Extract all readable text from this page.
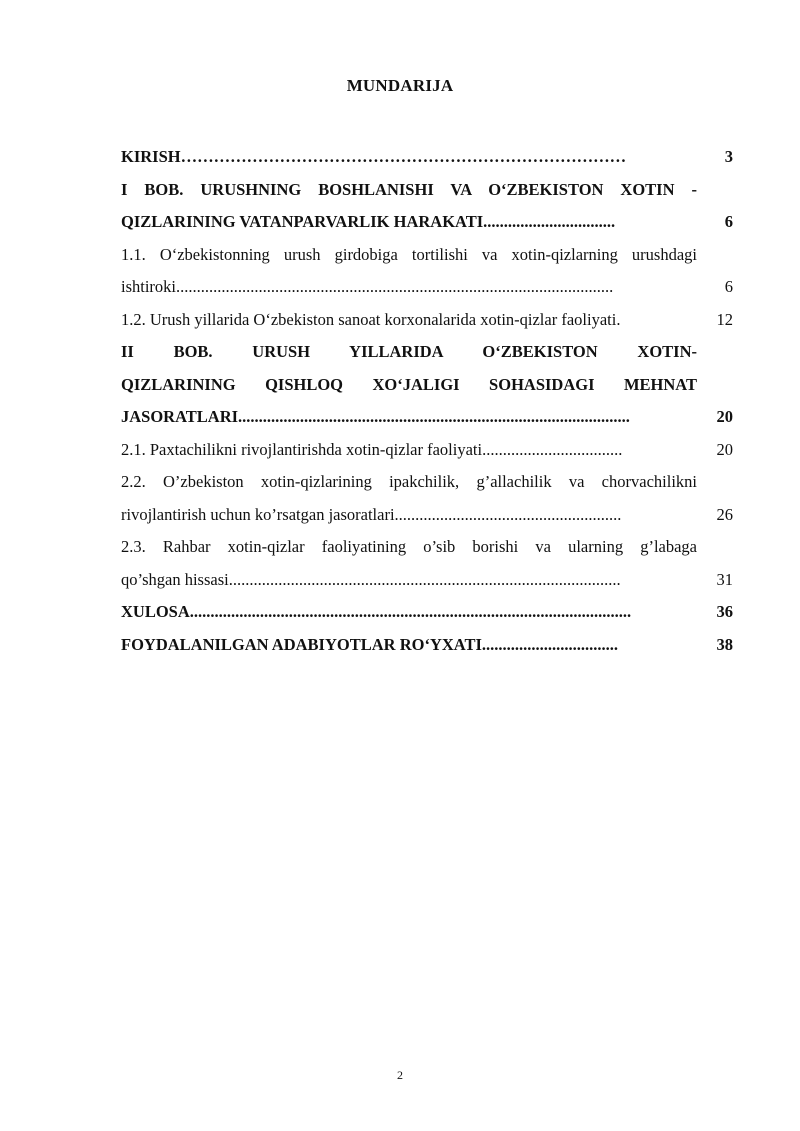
MUNDARIJA
KIRISH………………………………………………………………………	3
I BOB. URUSHNING BOSHLANISHI VA O‘ZBEKISTON XOTIN -
QIZLARINING VATANPARVARLIK HARAKATI................................	6
1.1. O‘zbekistonning urush girdobiga tortilishi va xotin-qizlarning urushdagi
ishtiroki..........................................................................................................	6
1.2. Urush yillarida O‘zbekiston sanoat korxonalarida xotin-qizlar faoliyati.	12
II BOB. URUSH YILLARIDA O‘ZBEKISTON XOTIN-
QIZLARINING QISHLOQ XO‘JALIGI SOHASIDAGI MEHNAT
JASORATLARI...............................................................................................	20
2.1. Paxtachilikni rivojlantirishda xotin-qizlar faoliyati..................................	20
2.2. O’zbekiston xotin-qizlarining ipakchilik, g’allachilik va chorvachilikni
rivojlantirish uchun ko’rsatgan jasoratlari.......................................................	26
2.3. Rahbar xotin-qizlar faoliyatining o’sib borishi va ularning g’labaga
qo’shgan hissasi...............................................................................................	31
XULOSA...........................................................................................................	36
FOYDALANILGAN ADABIYOTLAR RO‘YXATI.................................	38
2
